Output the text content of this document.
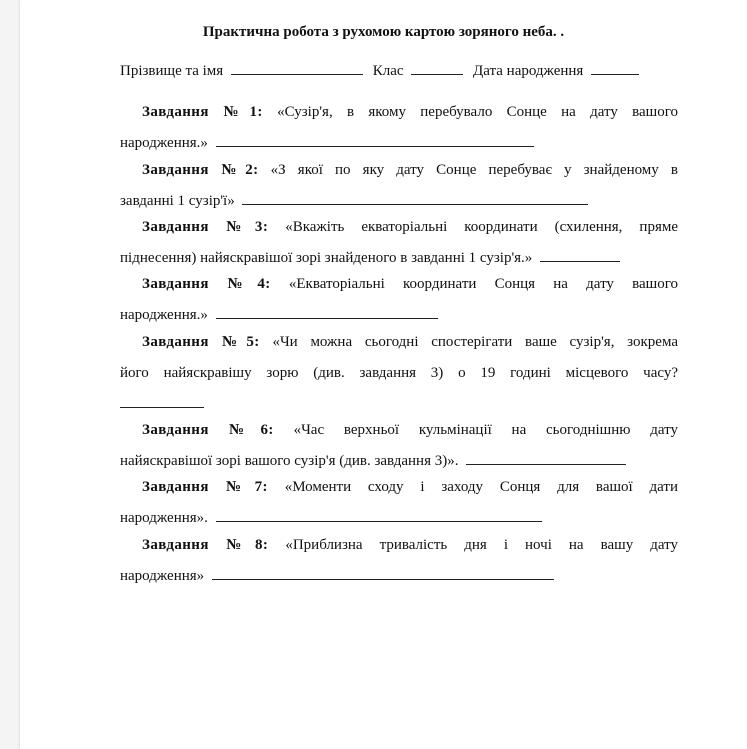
Практична робота з рухомою картою зоряного неба. .
Прізвище та імя	Клас	Дата народження
Завдання №1: «Сузір'я, в якому перебувало Сонце на дату вашого
народження.»
Завдання №2: «З якої по яку дату Сонце перебуває у знайденому в
завданні 1 сузір'ї»
Завдання №3: «Вкажіть екваторіальні координати (схилення, пряме
піднесення) найяскравішої зорі знайденого в завданні 1 сузір'я.»
Завдання №4: «Екваторіальні координати Сонця на дату вашого
народження.»
Завдання №5: «Чи можна сьогодні спостерігати ваше сузір'я, зокрема
його найяскравішу зорю (див. завдання 3) о 19 годині місцевого часу?
Завдання №6: «Час верхньої кульмінації на сьогоднішню дату
найяскравішої зорі вашого сузір'я (див. завдання 3)».
Завдання №7: «Моменти сходу і заходу Сонця для вашої дати
народження».
Завдання №8: «Приблизна тривалість дня і ночі на вашу дату
народження»
